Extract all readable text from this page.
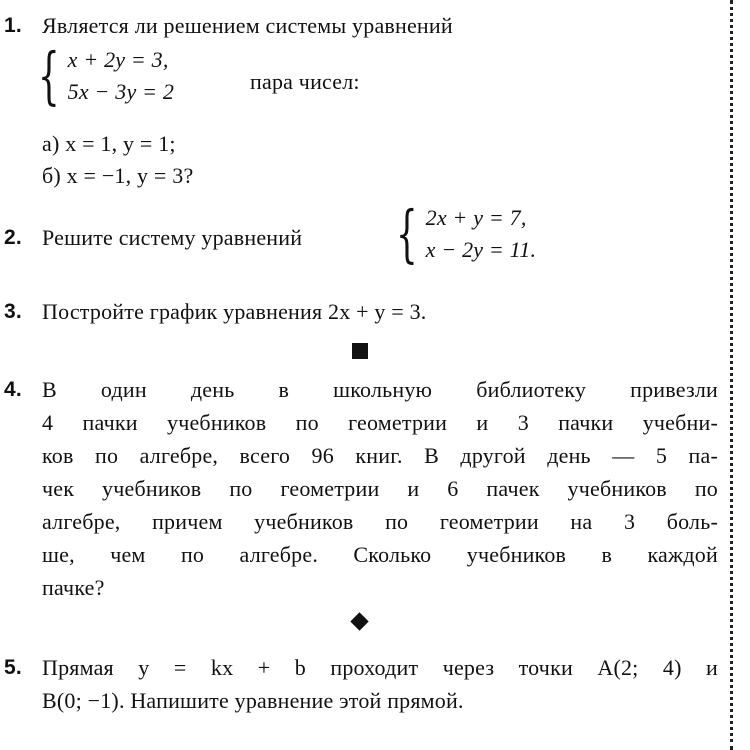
1. Является ли решением системы уравнений
{ x + 2y = 3,
5x − 3y = 2	пара чисел:
а) x = 1, y = 1;
б) x = −1, y = 3?
2. Решите систему уравнений { 2x + y = 7,
x − 2y = 11.
3. Постройте график уравнения 2x + y = 3.
4. В один день в школьную библиотеку привезли
4 пачки учебников по геометрии и 3 пачки учебни-
ков по алгебре, всего 96 книг. В другой день — 5 па-
чек учебников по геометрии и 6 пачек учебников по
алгебре, причем учебников по геометрии на 3 боль-
ше, чем по алгебре. Сколько учебников в каждой
пачке?
5. Прямая y = kx + b проходит через точки A(2; 4) и
B(0; −1). Напишите уравнение этой прямой.
